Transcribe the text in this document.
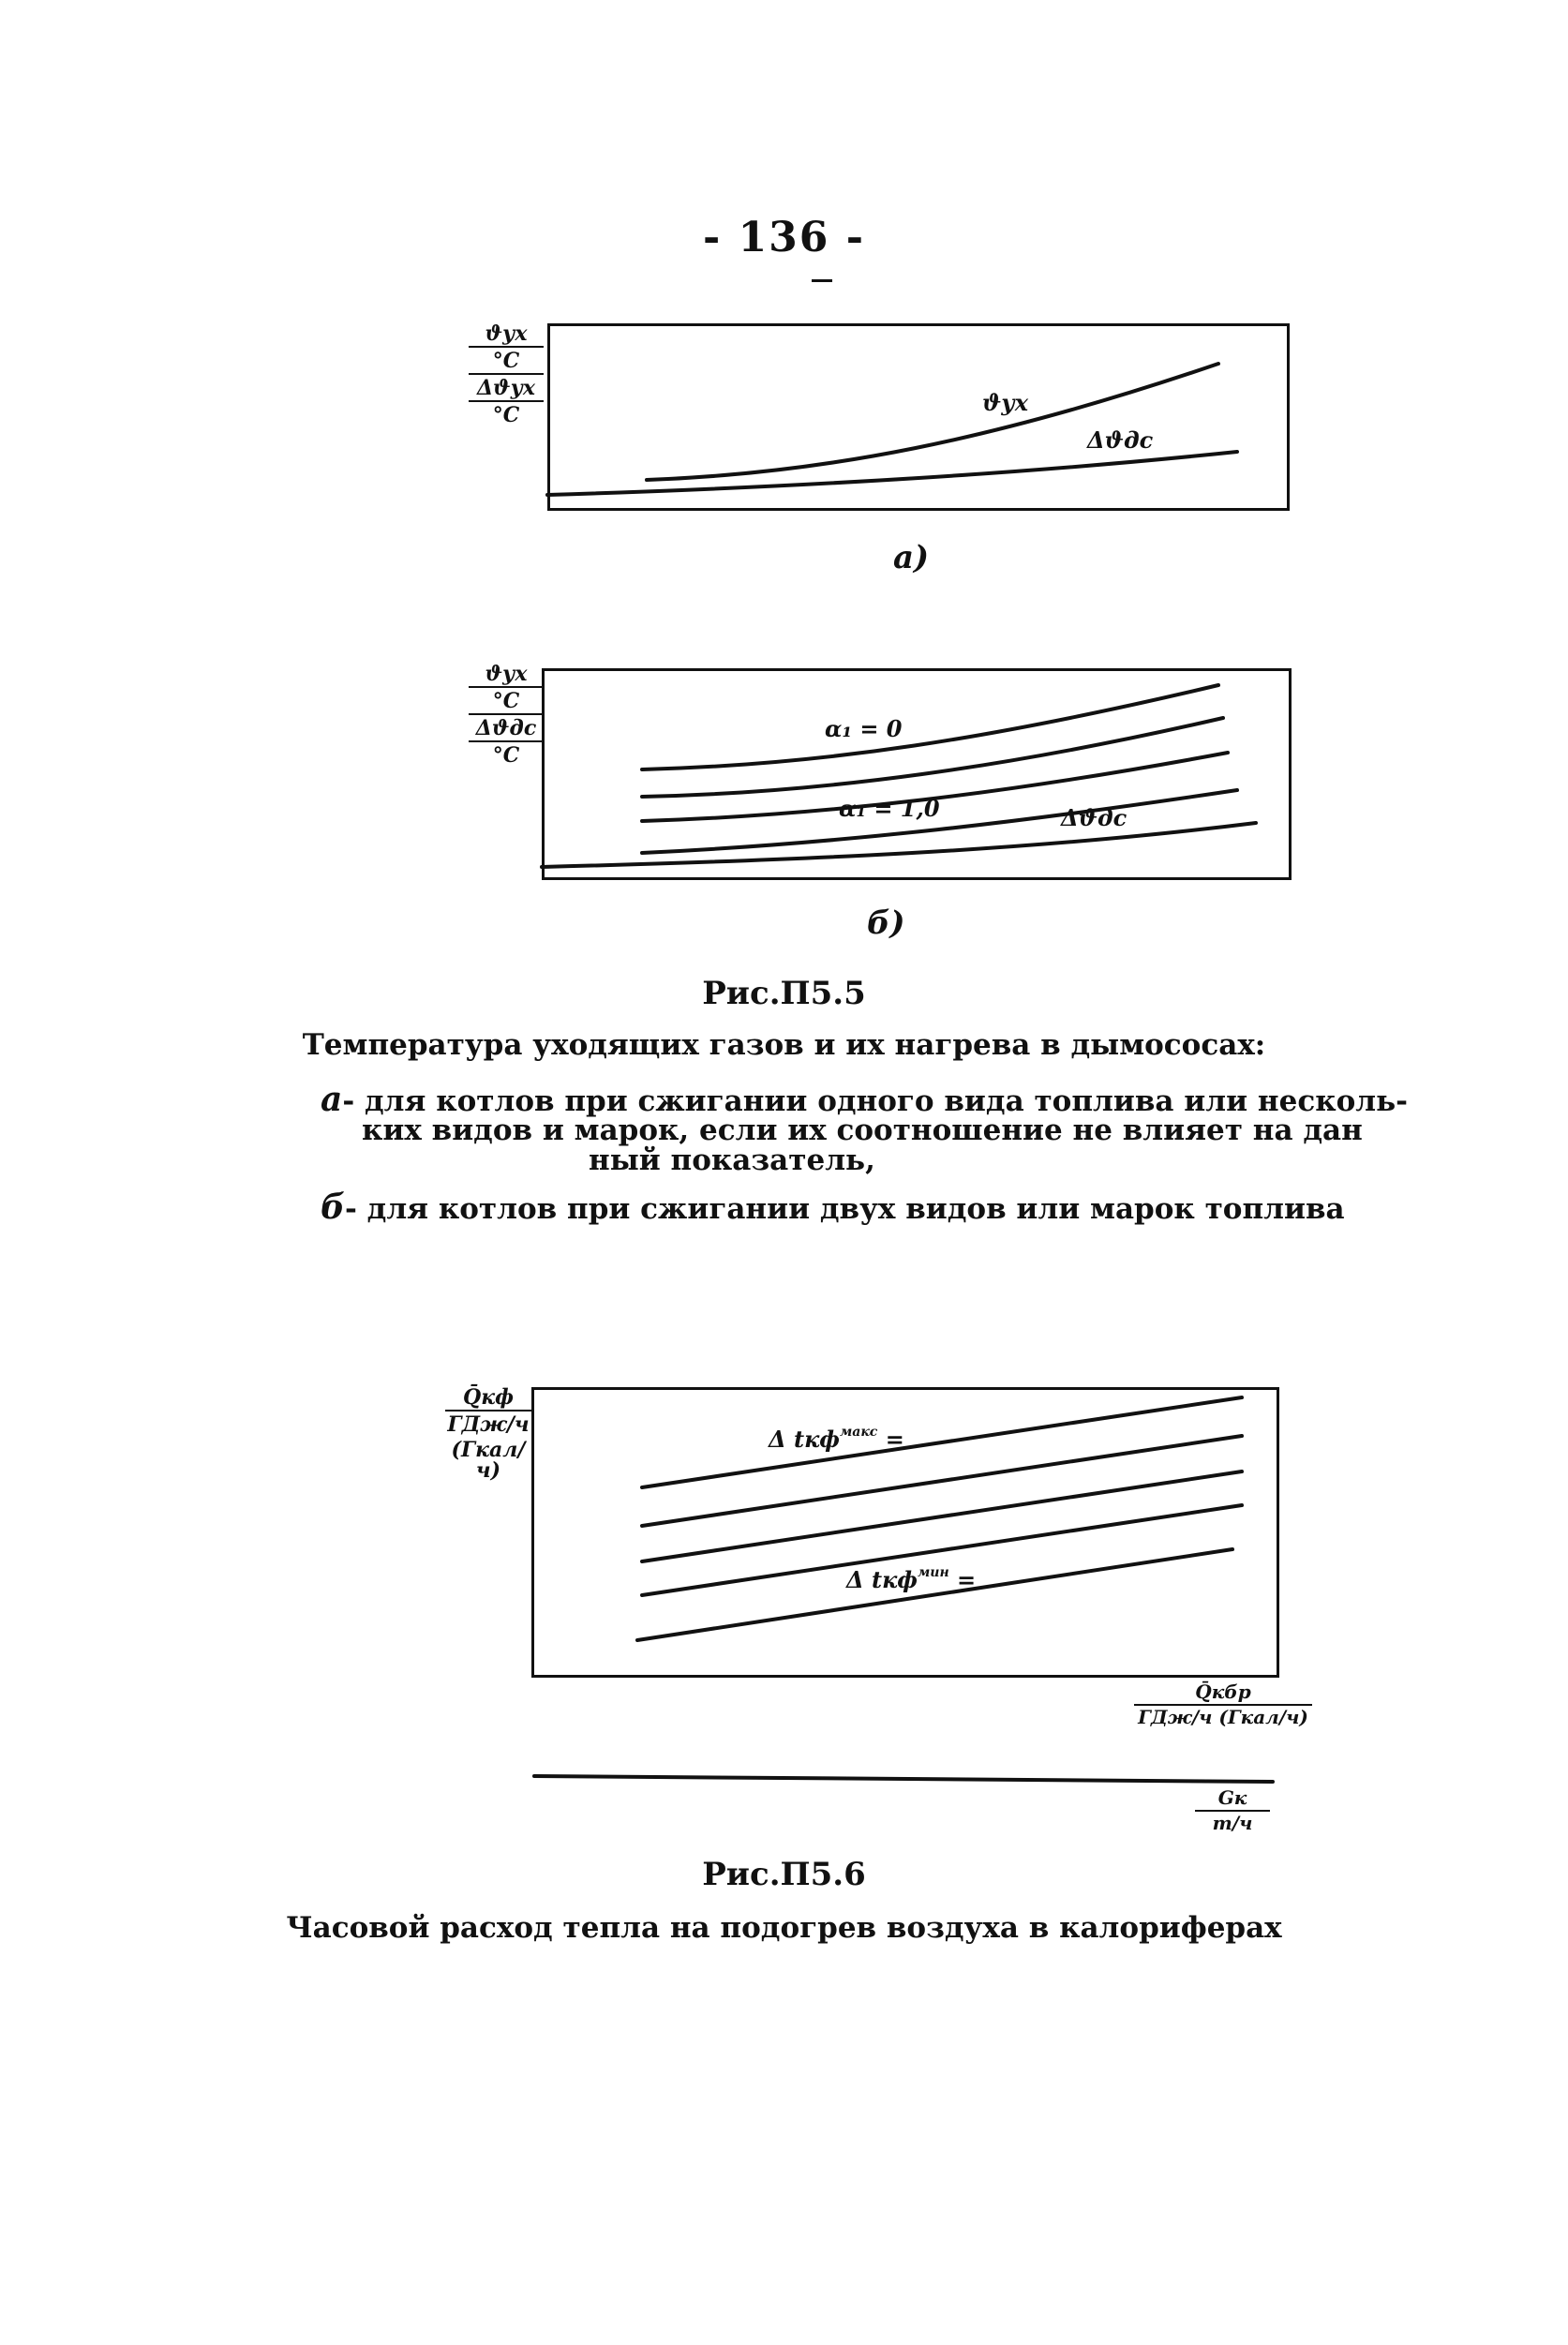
- 136 -
ϑух
°C
Δϑух
°C	ϑух
Δϑдс
а)
ϑух
°C
Δϑдс
°C
α₁ = 0
α₁ = 1,0	Δϑдс
б)
Рис.П5.5
Температура уходящих газов и их нагрева в дымососах:
а- для котлов при сжигании одного вида топлива или несколь-
ких видов и марок, если их соотношение не влияет на дан
ный показатель,
б- для котлов при сжигании двух видов или марок топлива
Q̄кф
ГДж/ч
(Гкал/ч)
Δ tкф$^{макс}$ =
Δ tкф$^{мин}$ =
Q̄кбр
ГДж/ч (Гкал/ч)
Gк
т/ч
Рис.П5.6
Часовой расход тепла на подогрев воздуха в калориферах
